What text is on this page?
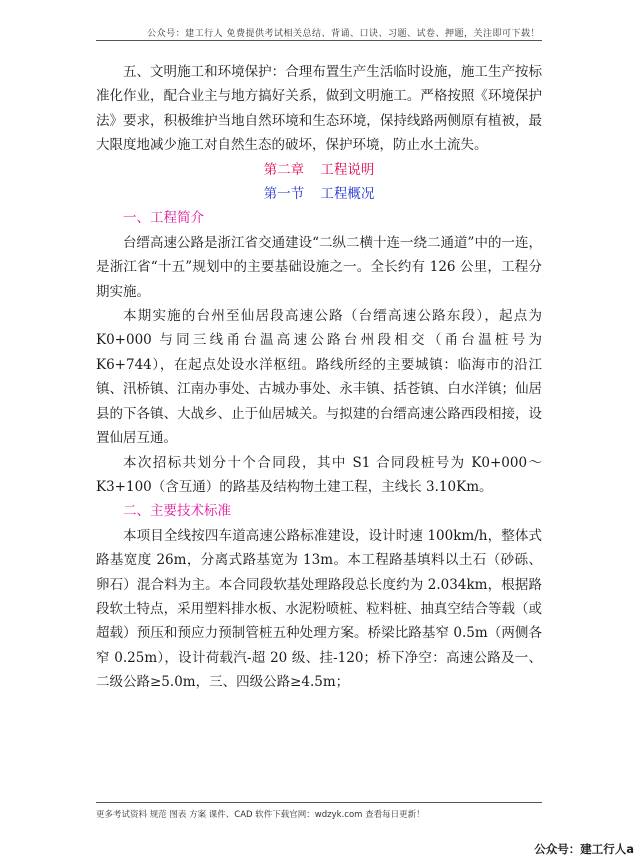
公众号：建工行人 免费提供考试相关总结、背诵、口诀、习题、试卷、押题，关注即可下载！

五、文明施工和环境保护：合理布置生产生活临时设施，施工生产按标准化作业，配合业主与地方搞好关系，做到文明施工。严格按照《环境保护法》要求，积极维护当地自然环境和生态环境，保持线路两侧原有植被，最大限度地减少施工对自然生态的破坏，保护环境，防止水土流失。

第二章 工程说明
第一节 工程概况
一、工程简介

台缙高速公路是浙江省交通建设“二纵二横十连一绕二通道”中的一连，是浙江省“十五”规划中的主要基础设施之一。全长约有 126 公里，工程分期实施。

本期实施的台州至仙居段高速公路（台缙高速公路东段），起点为 K0+000 与同三线甬台温高速公路台州段相交（甬台温桩号为 K6+744），在起点处设水洋枢纽。路线所经的主要城镇：临海市的沿江镇、汛桥镇、江南办事处、古城办事处、永丰镇、括苍镇、白水洋镇；仙居县的下各镇、大战乡、止于仙居城关。与拟建的台缙高速公路西段相接，设置仙居互通。

本次招标共划分十个合同段，其中 S1 合同段桩号为 K0+000～K3+100（含互通）的路基及结构物土建工程，主线长 3.10Km。

二、主要技术标准

本项目全线按四车道高速公路标准建设，设计时速 100km/h，整体式路基宽度 26m，分离式路基宽为 13m。本工程路基填料以土石（砂砾、卵石）混合料为主。本合同段软基处理路段总长度约为 2.034km，根据路段软土特点，采用塑料排水板、水泥粉喷桩、粒料桩、抽真空结合等载（或超载）预压和预应力预制管桩五种处理方案。桥梁比路基窄 0.5m（两侧各窄 0.25m），设计荷载汽-超 20 级、挂-120；桥下净空：高速公路及一、二级公路≥5.0m，三、四级公路≥4.5m；

更多考试资料 规范 图表 方案 课件、CAD 软件下载官网：wdzyk.com 查看每日更新！
公众号：建工行人a
